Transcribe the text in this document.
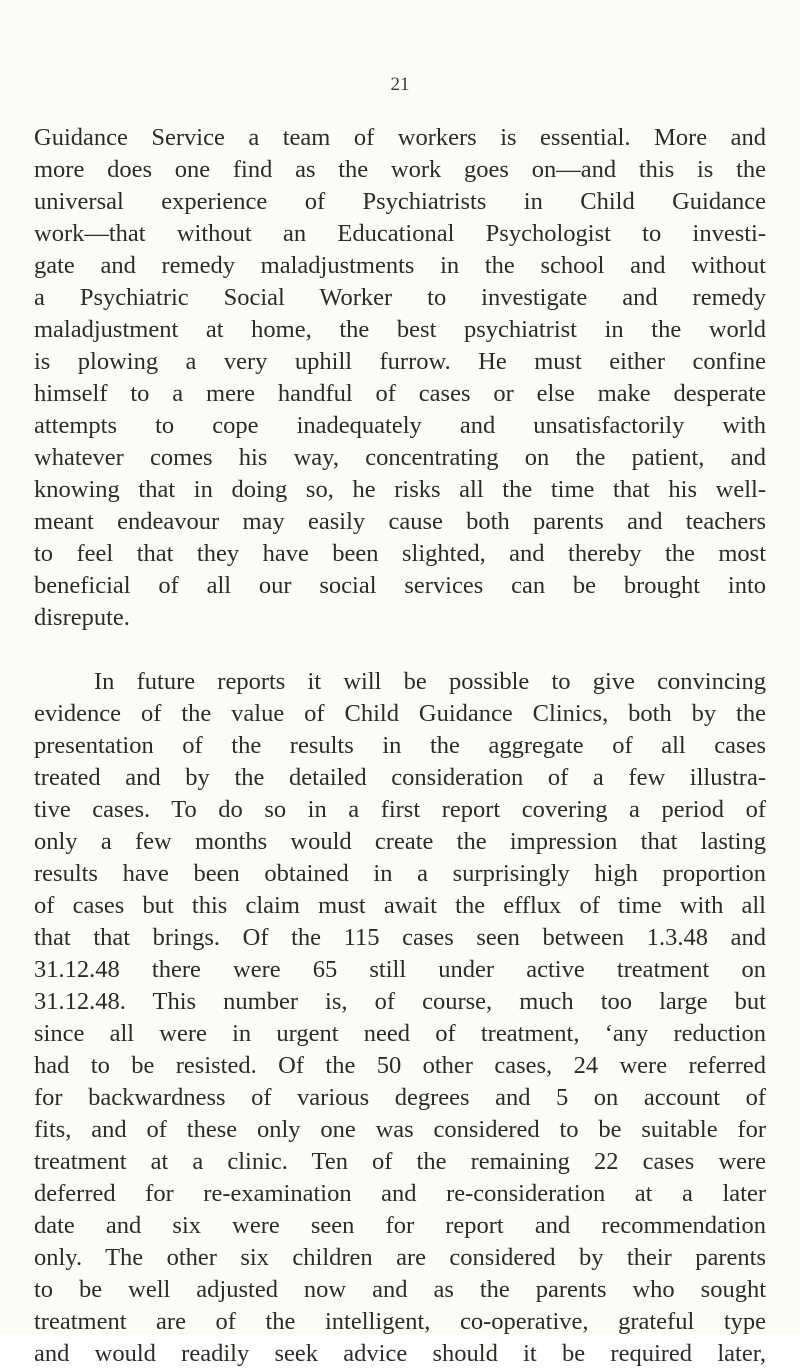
21
Guidance Service a team of workers is essential. More and
more does one find as the work goes on—and this is the
universal experience of Psychiatrists in Child Guidance
work—that without an Educational Psychologist to investi-
gate and remedy maladjustments in the school and without
a Psychiatric Social Worker to investigate and remedy
maladjustment at home, the best psychiatrist in the world
is plowing a very uphill furrow. He must either confine
himself to a mere handful of cases or else make desperate
attempts to cope inadequately and unsatisfactorily with
whatever comes his way, concentrating on the patient, and
knowing that in doing so, he risks all the time that his well-
meant endeavour may easily cause both parents and teachers
to feel that they have been slighted, and thereby the most
beneficial of all our social services can be brought into
disrepute.
In future reports it will be possible to give convincing
evidence of the value of Child Guidance Clinics, both by the
presentation of the results in the aggregate of all cases
treated and by the detailed consideration of a few illustra-
tive cases. To do so in a first report covering a period of
only a few months would create the impression that lasting
results have been obtained in a surprisingly high proportion
of cases but this claim must await the efflux of time with all
that that brings. Of the 115 cases seen between 1.3.48 and
31.12.48 there were 65 still under active treatment on
31.12.48. This number is, of course, much too large but
since all were in urgent need of treatment, ‘any reduction
had to be resisted. Of the 50 other cases, 24 were referred
for backwardness of various degrees and 5 on account of
fits, and of these only one was considered to be suitable for
treatment at a clinic. Ten of the remaining 22 cases were
deferred for re-examination and re-consideration at a later
date and six were seen for report and recommendation
only. The other six children are considered by their parents
to be well adjusted now and as the parents who sought
treatment are of the intelligent, co-operative, grateful type
and would readily seek advice should it be required later,
